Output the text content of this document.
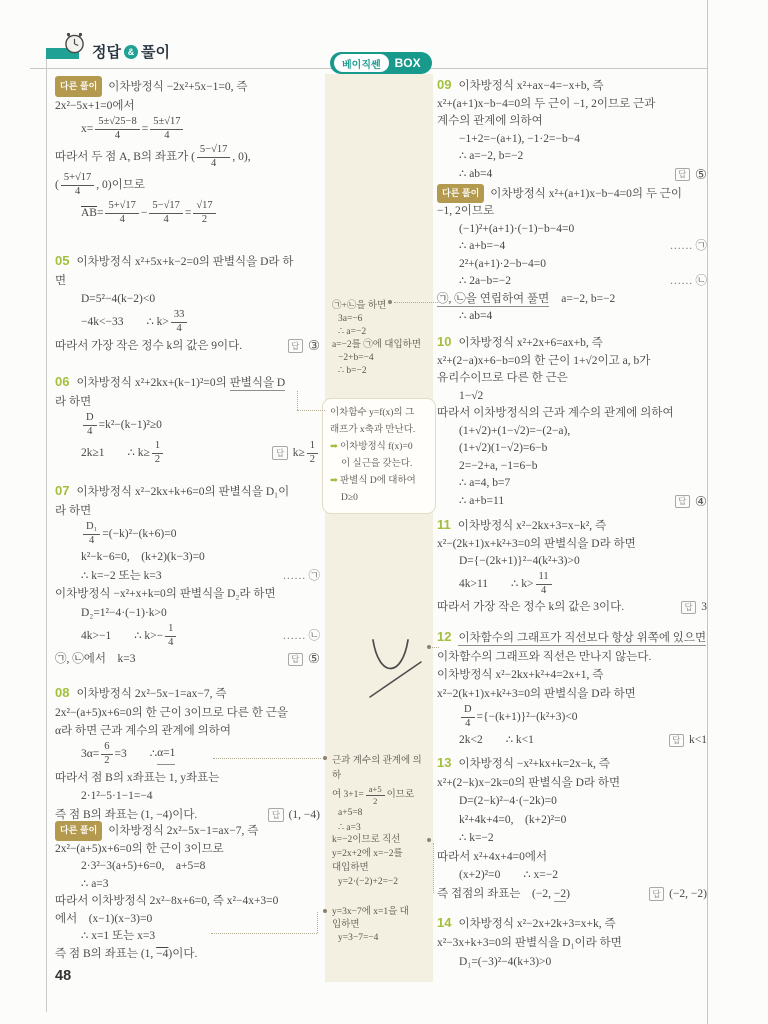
정답 & 풀이
베이직쎈	BOX
다른 풀이 이차방정식 −2x²+5x−1=0, 즉
2x²−5x+1=0에서
$x= \frac{5\pm√25-8}{4} = \frac{5\pm√17}{4}$
따라서 두 점 A, B의 좌표가 ( $\frac{5-√17}{4}$ , 0),
( $\frac{5+√17}{4}$ , 0)이므로
$\overline{AB} = \frac{5+√17}{4} - \frac{5-√17}{4} = \frac{√17}{2}$
05 이차방정식 x²+5x+k−2=0의 판별식을 D라 하
면
D=5²−4(k−2)<0
−4k<−33  ∴ $k> \frac{33}{4}$
따라서 가장 작은 정수 k의 값은 9이다.	답 ③
06 이차방정식 x²+2kx+(k−1)²=0의 판별식을 D
라 하면
$\frac{D}{4} =k^2-(k-1)^2\ge 0$
2k≥1  ∴ $k\ge \frac{1}{2}$	답 $k\ge \frac{1}{2}$
07 이차방정식 x²−2kx+k+6=0의 판별식을 D₁이
라 하면
$\frac{\text{D₁}}{4} =(-k)^2-(k+6)=0$
k²−k−6=0, (k+2)(k−3)=0
∴ k=−2 또는 k=3	…… ㉠
이차방정식 −x²+x+k=0의 판별식을 D₂라 하면
D₂=1²−4·(−1)·k>0
4k>−1  ∴ $k>- \frac{1}{4}$	…… ㉡
㉠, ㉡에서 k=3	답 ⑤
08 이차방정식 2x²−5x−1=ax−7, 즉
2x²−(a+5)x+6=0의 한 근이 3이므로 다른 한 근을
α라 하면 근과 계수의 관계에 의하여
$3\alpha= \frac{6}{2} =3$  ∴ α=1
따라서 점 B의 x좌표는 1, y좌표는
2·1²−5·1−1=−4
즉 점 B의 좌표는 (1, −4)이다.	답 (1, −4)
다른 풀이 이차방정식 2x²−5x−1=ax−7, 즉
2x²−(a+5)x+6=0의 한 근이 3이므로
2·3²−3(a+5)+6=0, a+5=8
∴ a=3
따라서 이차방정식 2x²−8x+6=0, 즉 x²−4x+3=0
에서 (x−1)(x−3)=0
∴ x=1 또는 x=3
즉 점 B의 좌표는 (1, −4)이다.
48
㉠+㉡을 하면
3a=−6
∴ a=−2
a=−2를 ㉠에 대입하면
−2+b=−4
∴ b=−2
이차함수 y=f(x)의 그
래프가 x축과 만난다.
➡ 이차방정식 f(x)=0
이 실근을 갖는다.
➡ 판별식 D에 대하여
D≥0
근과 계수의 관계에 의하
여 $3+1= \frac{a+5}{2}$ 이므로
a+5=8
∴ a=3
k=−2이므로 직선
y=2x+2에 x=−2를
대입하면
y=2·(−2)+2=−2
y=3x−7에 x=1을 대
입하면
y=3−7=−4
09 이차방정식 x²+ax−4=−x+b, 즉
x²+(a+1)x−b−4=0의 두 근이 −1, 2이므로 근과
계수의 관계에 의하여
−1+2=−(a+1), −1·2=−b−4
∴ a=−2, b=−2
∴ ab=4	답 ⑤
다른 풀이 이차방정식 x²+(a+1)x−b−4=0의 두 근이
−1, 2이므로
(−1)²+(a+1)·(−1)−b−4=0
∴ a+b=−4	…… ㉠
2²+(a+1)·2−b−4=0
∴ 2a−b=−2	…… ㉡
㉠, ㉡을 연립하여 풀면 a=−2, b=−2
∴ ab=4
10 이차방정식 x²+2x+6=ax+b, 즉
x²+(2−a)x+6−b=0의 한 근이 1+√2이고 a, b가
유리수이므로 다른 한 근은
1−√2
따라서 이차방정식의 근과 계수의 관계에 의하여
(1+√2)+(1−√2)=−(2−a),
(1+√2)(1−√2)=6−b
2=−2+a, −1=6−b
∴ a=4, b=7
∴ a+b=11	답 ④
11 이차방정식 x²−2kx+3=x−k², 즉
x²−(2k+1)x+k²+3=0의 판별식을 D라 하면
D={−(2k+1)}²−4(k²+3)>0
4k>11  ∴ $k> \frac{11}{4}$
따라서 가장 작은 정수 k의 값은 3이다.	답 3
12 이차함수의 그래프가 직선보다 항상 위쪽에 있으면
이차함수의 그래프와 직선은 만나지 않는다.
이차방정식 x²−2kx+k²+4=2x+1, 즉
x²−2(k+1)x+k²+3=0의 판별식을 D라 하면
$\frac{D}{4} =\{-(k+1)\}^2-(k^2+3)<0$
2k<2  ∴ k<1	답 k<1
13 이차방정식 −x²+kx+k=2x−k, 즉
x²+(2−k)x−2k=0의 판별식을 D라 하면
D=(2−k)²−4·(−2k)=0
k²+4k+4=0, (k+2)²=0
∴ k=−2
따라서 x²+4x+4=0에서
(x+2)²=0  ∴ x=−2
즉 접점의 좌표는 (−2, −2)	답 (−2, −2)
14 이차방정식 x²−2x+2k+3=x+k, 즉
x²−3x+k+3=0의 판별식을 D₁이라 하면
D₁=(−3)²−4(k+3)>0
